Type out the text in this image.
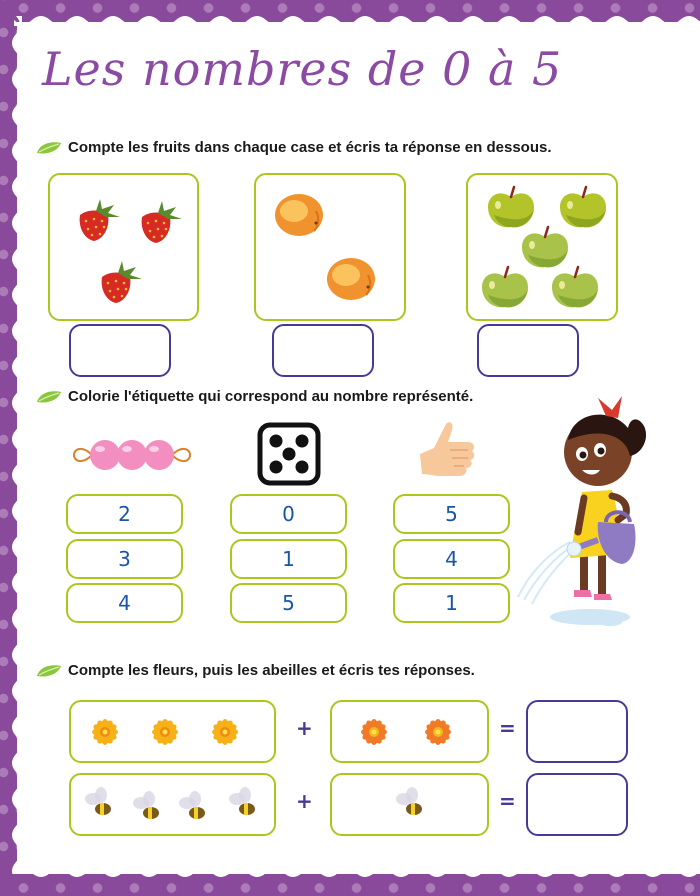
Les nombres de 0 à 5
Compte les fruits dans chaque case et écris ta réponse en dessous.
Colorie l'étiquette qui correspond au nombre représenté.
2
3
4
0
1
5
5
4
1
Compte les fleurs, puis les abeilles et écris tes réponses.
+	=
+	=
